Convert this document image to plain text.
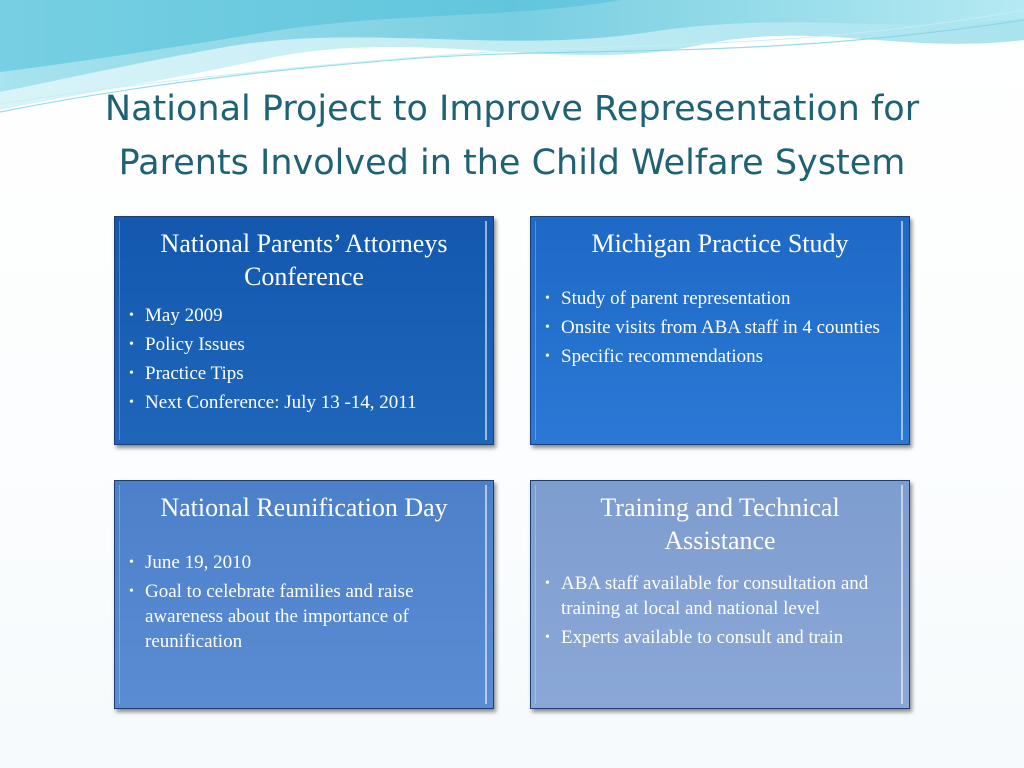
National Project to Improve Representation for
Parents Involved in the Child Welfare System
National Parents’ Attorneys Conference
• May 2009
• Policy Issues
• Practice Tips
• Next Conference: July 13 -14, 2011
Michigan Practice Study
• Study of parent representation
• Onsite visits from ABA staff in 4 counties
• Specific recommendations
National Reunification Day
• June 19, 2010
• Goal to celebrate families and raise awareness about the importance of reunification
Training and Technical Assistance
• ABA staff available for consultation and training at local and national level
• Experts available to consult and train
